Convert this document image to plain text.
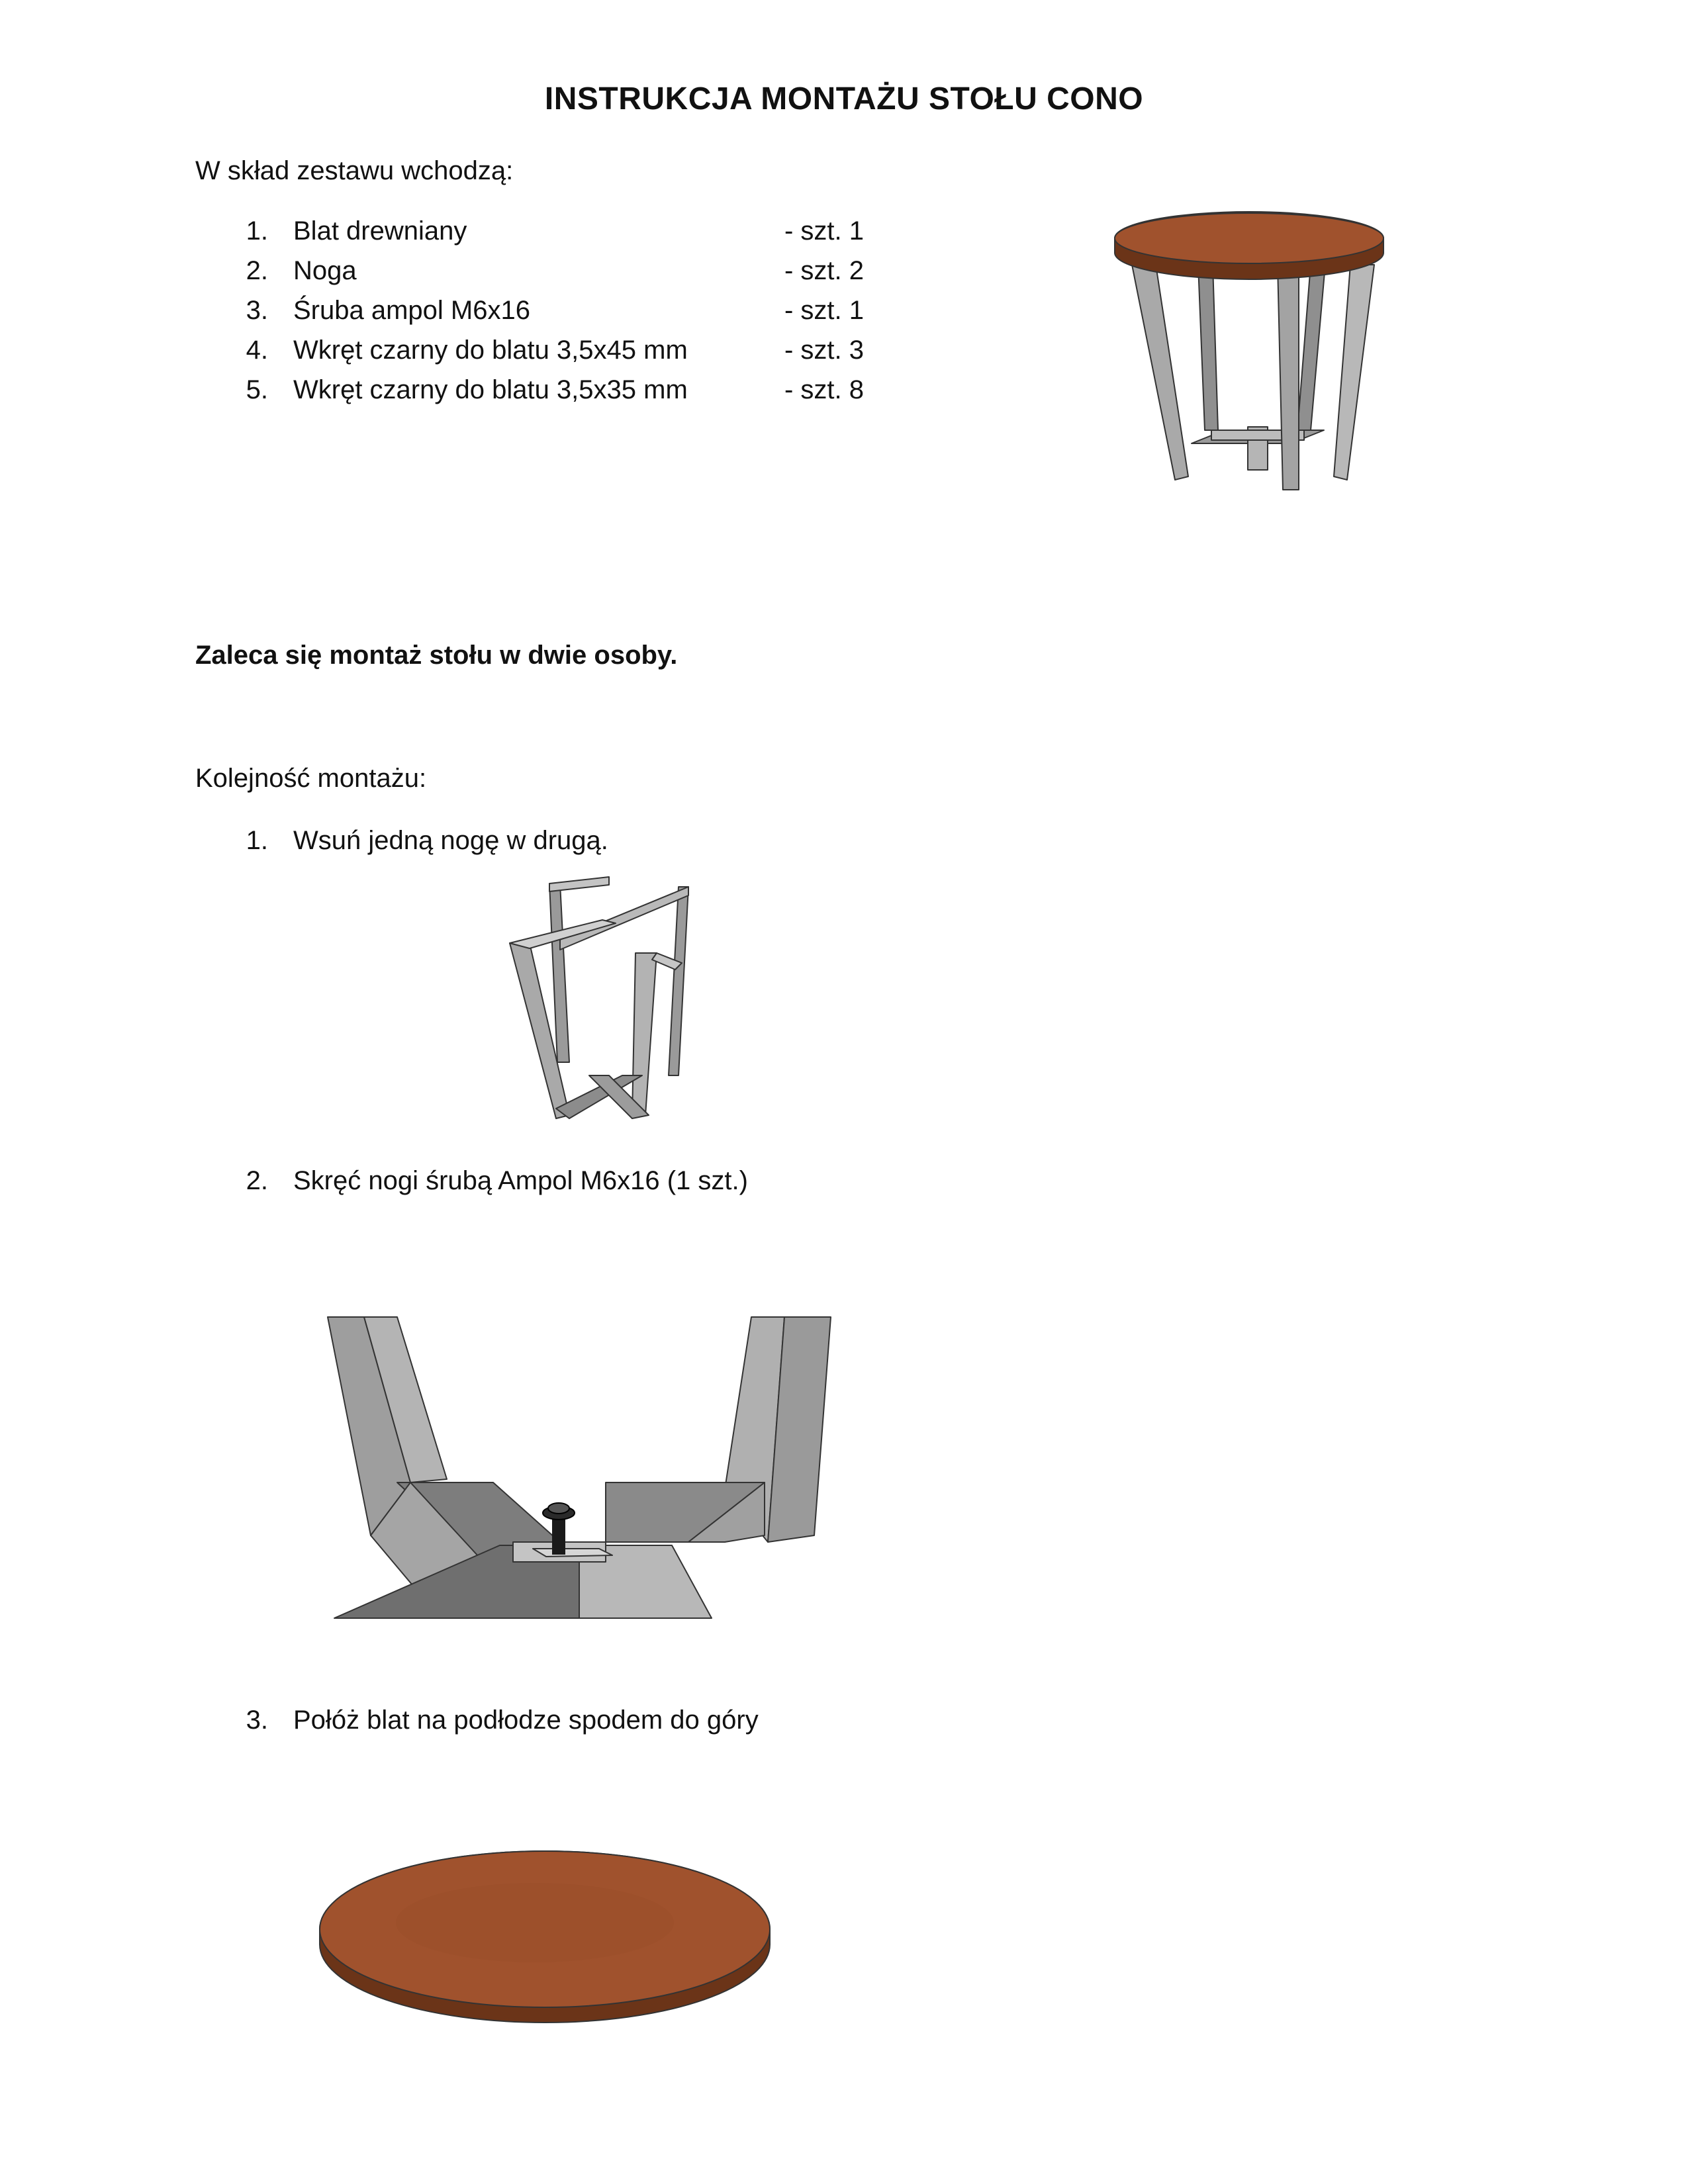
INSTRUKCJA MONTAŻU STOŁU CONO
W skład zestawu wchodzą:
1. Blat drewniany	- szt. 1
2. Noga	- szt. 2
3. Śruba ampol M6x16	- szt. 1
4. Wkręt czarny do blatu 3,5x45 mm	- szt. 3
5. Wkręt czarny do blatu 3,5x35 mm	- szt. 8
Zaleca się montaż stołu w dwie osoby.
Kolejność montażu:
1. Wsuń jedną nogę w drugą.
2. Skręć nogi śrubą Ampol M6x16 (1 szt.)
3. Połóż blat na podłodze spodem do góry
